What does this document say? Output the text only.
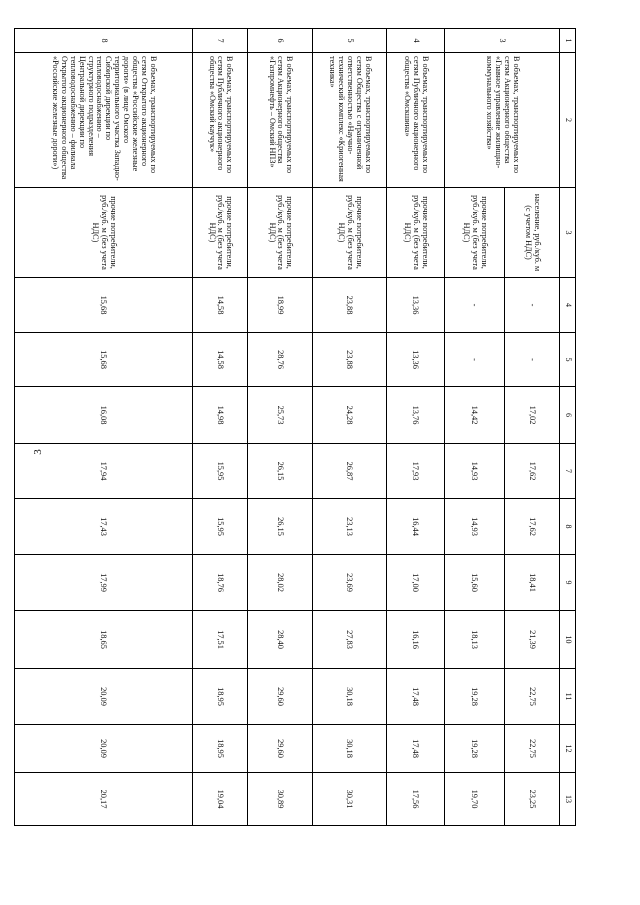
3
1	2	3	4	5	6	7	8	9	10	11	12	13
3	В объемах, транспортируемых по сетям Акционерного общества «Главное управление жилищно-коммунального хозяйства»	население, руб./куб. м (с учетом НДС)	-	-	17,02	17,62	17,62	18,41	21,39	22,75	22,75	23,25
		прочие потребители, руб./куб. м (без учета НДС)	-	-	14,42	14,93	14,93	15,60	18,13	19,28	19,28	19,70
4	В объемах, транспортируемых по сетям Публичного акционерного общества «Омскшина»	прочие потребители, руб./куб. м (без учета НДС)	13,36	13,36	13,76	17,93	16,44	17,00	16,16	17,48	17,48	17,56
5	В объемах, транспортируемых по сетям Общества с ограниченной ответственностью «Научно-технический комплекс «Криогенная техника»	прочие потребители, руб./куб. м (без учета НДС)	23,88	23,88	24,28	26,87	23,13	23,69	27,83	30,18	30,18	30,31
6	В объемах, транспортируемых по сетям Акционерного общества «Газпромнефть – Омский НПЗ»	прочие потребители, руб./куб. м (без учета НДС)	18,99	28,76	25,73	26,15	26,15	28,02	28,40	29,60	29,60	30,89
7	В объемах, транспортируемых по сетям Публичного акционерного общества «Омский каучук»	прочие потребители, руб./куб. м (без учета НДС)	14,58	14,58	14,98	15,95	15,95	18,76	17,51	18,95	18,95	19,04
8	В объемах, транспортируемых по сетям Открытого акционерного общества «Российские железные дороги» (в лице Омского территориального участка Западно-Сибирской дирекции по тепловодоснабжению – структурного подразделения Центральной дирекции по тепловодоснабжению – филиала Открытого акционерного общества «Российские железные дороги»)	прочие потребители, руб./куб. м (без учета НДС)	15,68	15,68	16,08	17,94	17,43	17,99	18,65	20,09	20,09	20,17
